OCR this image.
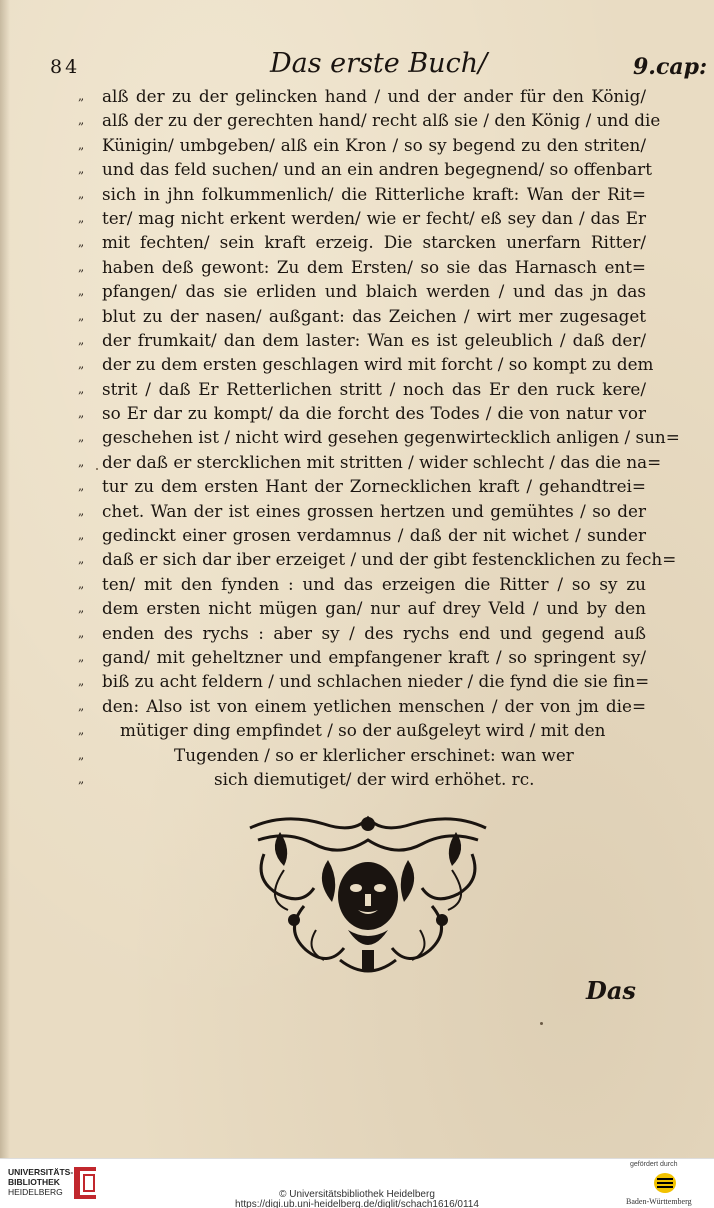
84	Das erste Buch/	9.cap:
„	alß der zu der gelincken hand / und der ander für den König/
„	alß der zu der gerechten hand/ recht alß sie / den König / und die
„	Künigin/ umbgeben/ alß ein Kron / so sy begend zu den striten/
„	und das feld suchen/ und an ein andren begegnend/ so offenbart
„	sich in jhn folkummenlich/ die Ritterliche kraft: Wan der Rit=
„	ter/ mag nicht erkent werden/ wie er fecht/ eß sey dan / das Er
„	mit fechten/ sein kraft erzeig. Die starcken unerfarn Ritter/
„	haben deß gewont: Zu dem Ersten/ so sie das Harnasch ent=
„	pfangen/ das sie erliden und blaich werden / und das jn das
„	blut zu der nasen/ außgant: das Zeichen / wirt mer zugesaget
„	der frumkait/ dan dem laster: Wan es ist geleublich / daß der/
„	der zu dem ersten geschlagen wird mit forcht / so kompt zu dem
„	strit / daß Er Retterlichen stritt / noch das Er den ruck kere/
„	so Er dar zu kompt/ da die forcht des Todes / die von natur vor
„	geschehen ist / nicht wird gesehen gegenwirtecklich anligen / sun=
„	der daß er stercklichen mit stritten / wider schlecht / das die na=
„	tur zu dem ersten Hant der Zornecklichen kraft / gehandtrei=
„	chet. Wan der ist eines grossen hertzen und gemühtes / so der
„	gedinckt einer grosen verdamnus / daß der nit wichet / sunder
„	daß er sich dar iber erzeiget / und der gibt festencklichen zu fech=
„	ten/ mit den fynden : und das erzeigen die Ritter / so sy zu
„	dem ersten nicht mügen gan/ nur auf drey Veld / und by den
„	enden des rychs : aber sy / des rychs end und gegend auß
„	gand/ mit geheltzner und empfangener kraft / so springent sy/
„	biß zu acht feldern / und schlachen nieder / die fynd die sie fin=
„	den: Also ist von einem yetlichen menschen / der von jm die=
„	mütiger ding empfindet / so der außgeleyt wird / mit den
„	Tugenden / so er klerlicher erschinet: wan wer
„	sich diemutiget/ der wird erhöhet. rc.
Das
UNIVERSITÄTS-
BIBLIOTHEK
HEIDELBERG	© Universitätsbibliothek Heidelberg
https://digi.ub.uni-heidelberg.de/diglit/schach1616/0114
gefördert durch
Baden-Württemberg
